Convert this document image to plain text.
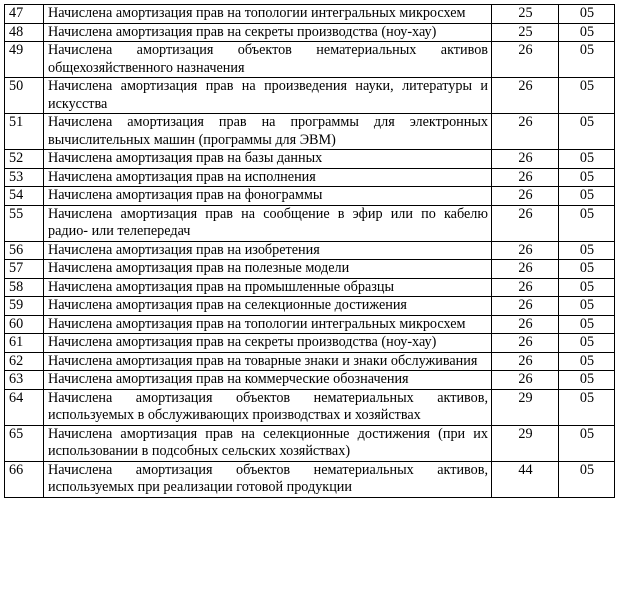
47	Начислена амортизация прав на топологии интегральных микросхем	25	05
48	Начислена амортизация прав на секреты производства (ноу-хау)	25	05
49	Начислена амортизация объектов нематериальных активов общехозяйственного назначения	26	05
50	Начислена амортизация прав на произведения науки, литературы и искусства	26	05
51	Начислена амортизация прав на программы для электронных вычислительных машин (программы для ЭВМ)	26	05
52	Начислена амортизация прав на базы данных	26	05
53	Начислена амортизация прав на исполнения	26	05
54	Начислена амортизация прав на фонограммы	26	05
55	Начислена амортизация прав на сообщение в эфир или по кабелю радио- или телепередач	26	05
56	Начислена амортизация прав на изобретения	26	05
57	Начислена амортизация прав на полезные модели	26	05
58	Начислена амортизация прав на промышленные образцы	26	05
59	Начислена амортизация прав на селекционные достижения	26	05
60	Начислена амортизация прав на топологии интегральных микросхем	26	05
61	Начислена амортизация прав на секреты производства (ноу-хау)	26	05
62	Начислена амортизация прав на товарные знаки и знаки обслуживания	26	05
63	Начислена амортизация прав на коммерческие обозначения	26	05
64	Начислена амортизация объектов нематериальных активов, используемых в обслуживающих производствах и хозяйствах	29	05
65	Начислена амортизация прав на селекционные достижения (при их использовании в подсобных сельских хозяйствах)	29	05
66	Начислена амортизация объектов нематериальных активов, используемых при реализации готовой продукции	44	05
